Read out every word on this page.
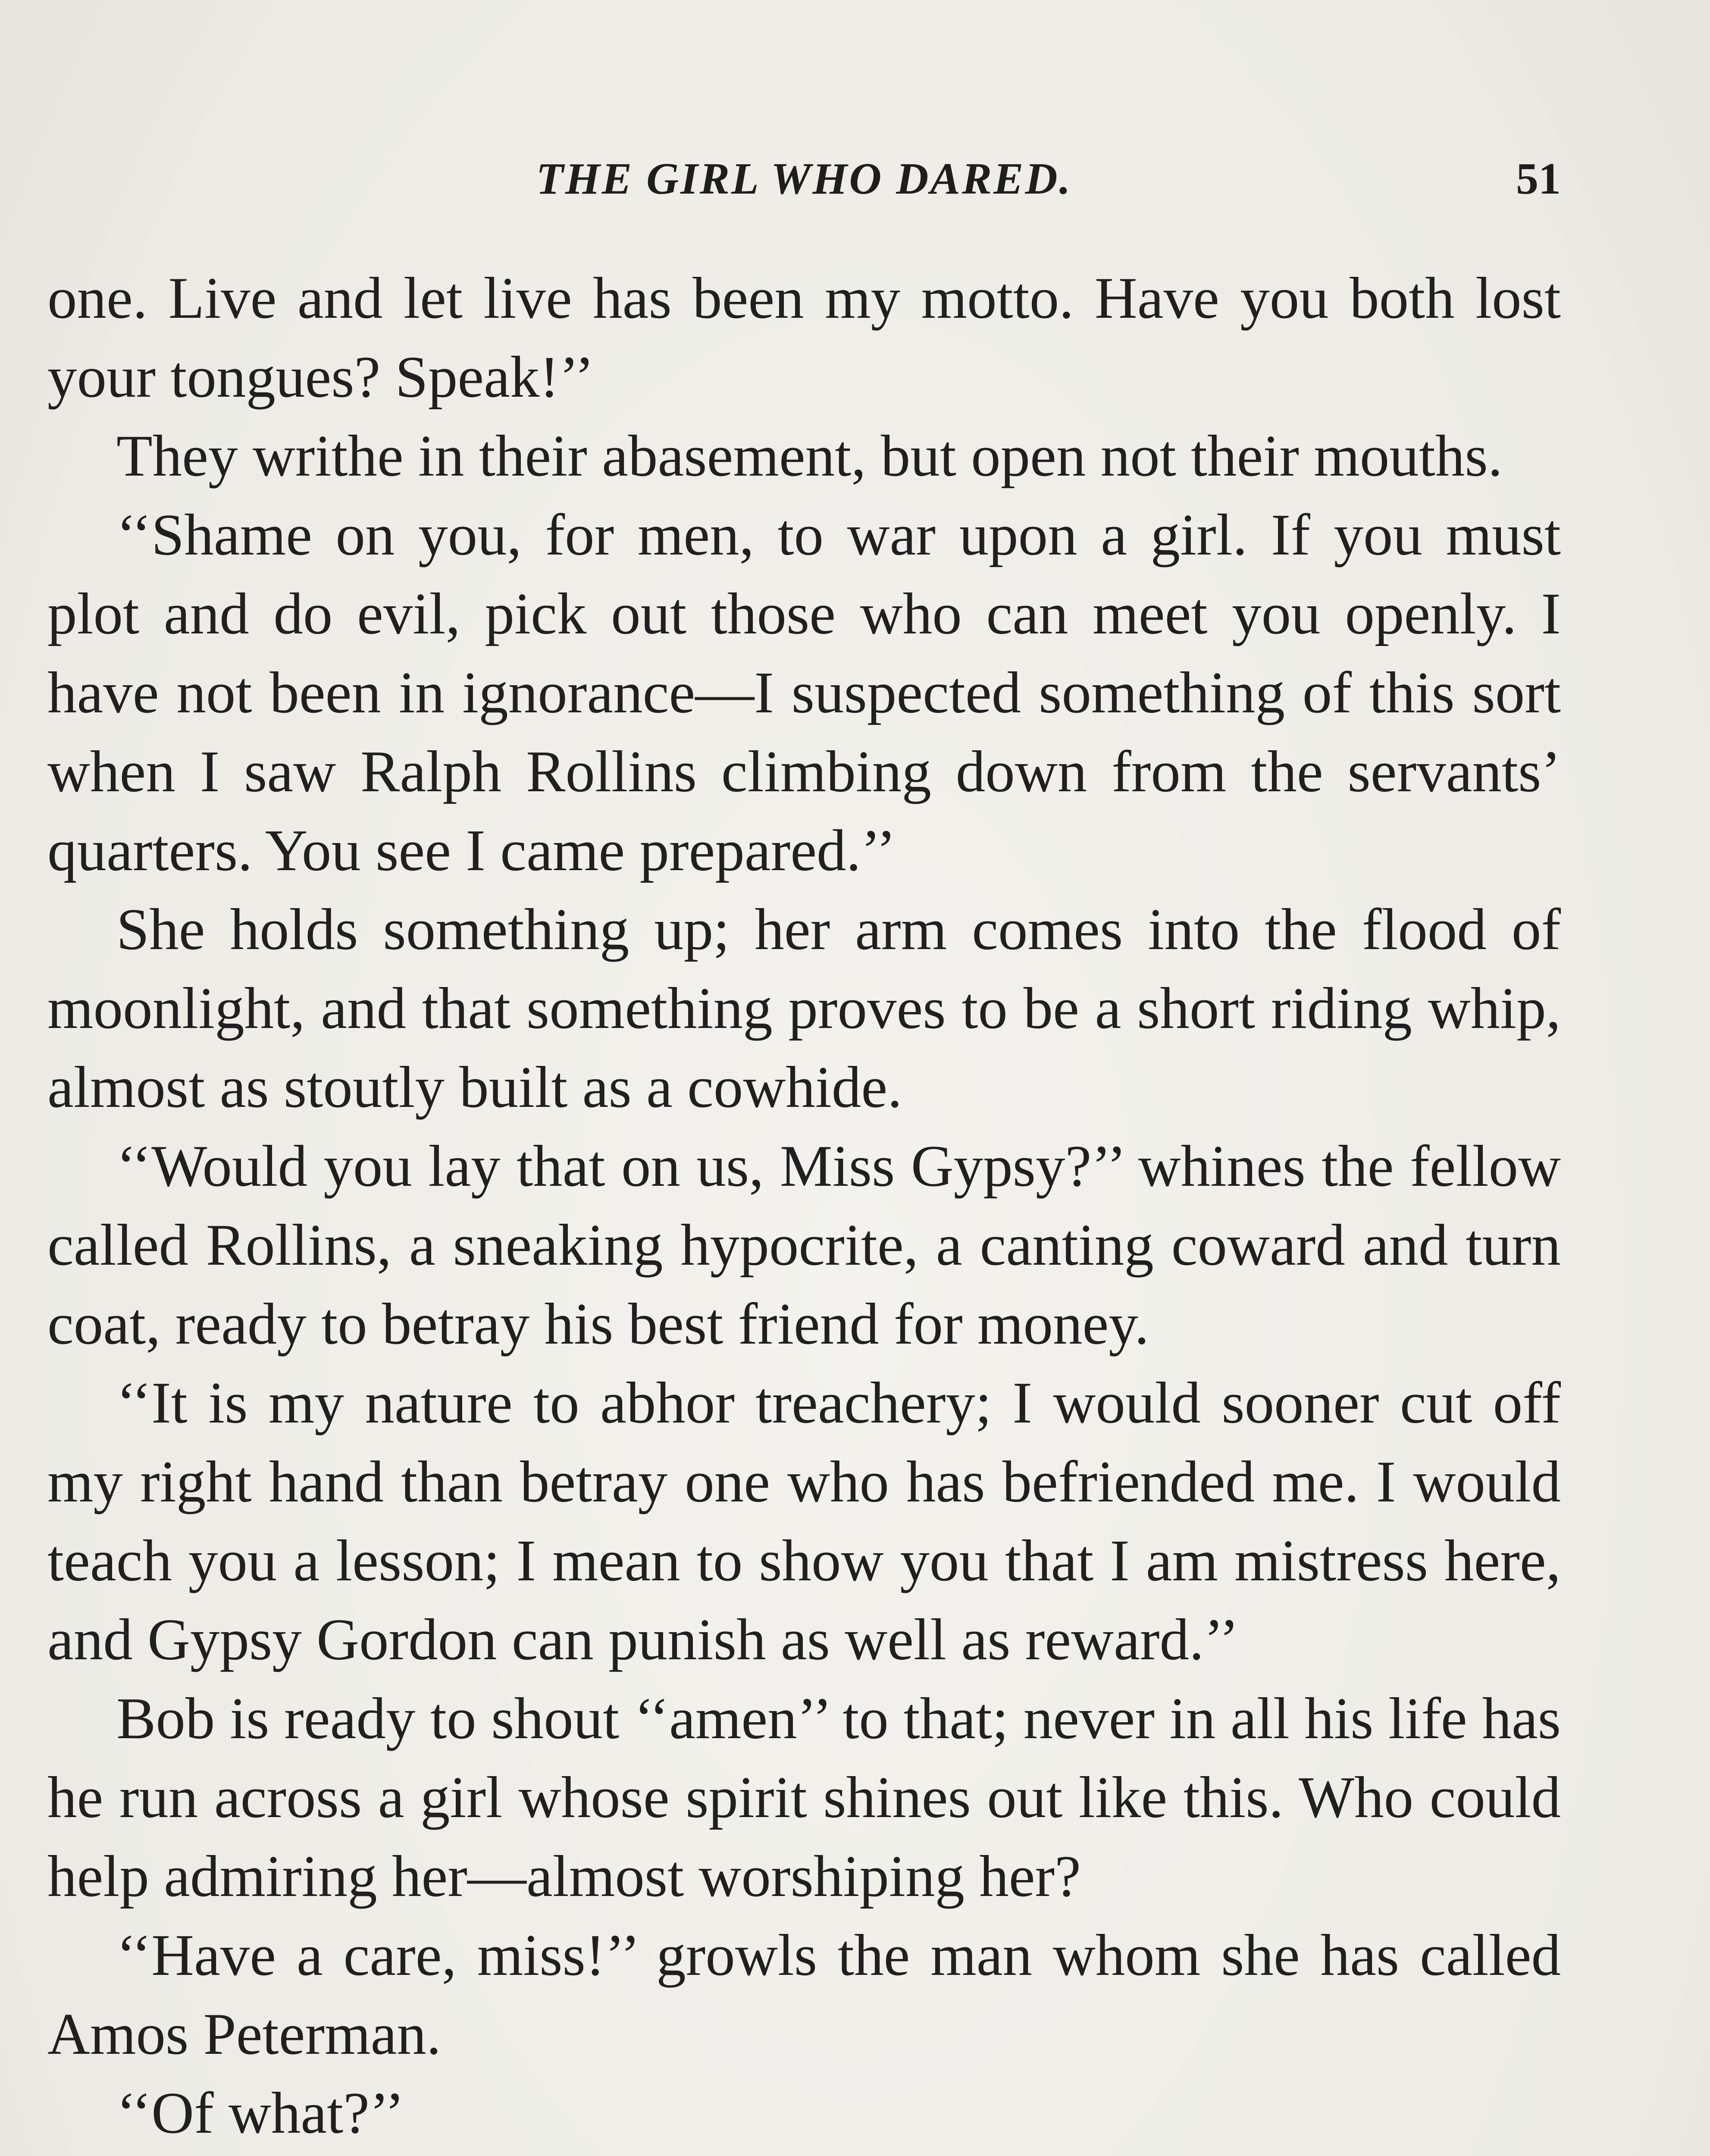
THE GIRL WHO DARED.	51

one. Live and let live has been my motto. Have you both lost your tongues? Speak!’’

They writhe in their abasement, but open not their mouths.

‘‘Shame on you, for men, to war upon a girl. If you must plot and do evil, pick out those who can meet you openly. I have not been in ignorance—I suspected something of this sort when I saw Ralph Rollins climbing down from the servants’ quarters. You see I came prepared.’’

She holds something up; her arm comes into the flood of moonlight, and that something proves to be a short riding whip, almost as stoutly built as a cowhide.

‘‘Would you lay that on us, Miss Gypsy?’’ whines the fellow called Rollins, a sneaking hypocrite, a canting coward and turn coat, ready to betray his best friend for money.

‘‘It is my nature to abhor treachery; I would sooner cut off my right hand than betray one who has befriended me. I would teach you a lesson; I mean to show you that I am mistress here, and Gypsy Gordon can punish as well as reward.’’

Bob is ready to shout ‘‘amen’’ to that; never in all his life has he run across a girl whose spirit shines out like this. Who could help admiring her—almost worshiping her?

‘‘Have a care, miss!’’ growls the man whom she has called Amos Peterman.

‘‘Of what?’’
